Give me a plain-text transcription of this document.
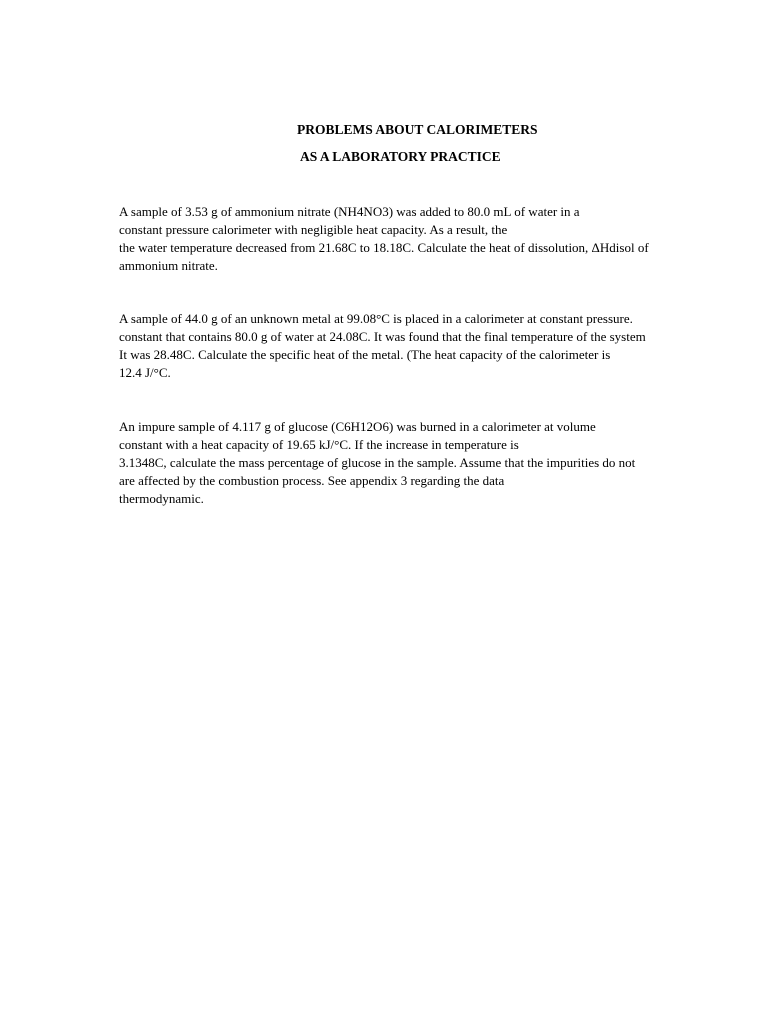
PROBLEMS ABOUT CALORIMETERS
AS A LABORATORY PRACTICE
A sample of 3.53 g of ammonium nitrate (NH4NO3) was added to 80.0 mL of water in a
constant pressure calorimeter with negligible heat capacity. As a result, the
the water temperature decreased from 21.68C to 18.18C. Calculate the heat of dissolution, ΔHdisol of
ammonium nitrate.
A sample of 44.0 g of an unknown metal at 99.08°C is placed in a calorimeter at constant pressure.
constant that contains 80.0 g of water at 24.08C. It was found that the final temperature of the system
It was 28.48C. Calculate the specific heat of the metal. (The heat capacity of the calorimeter is
12.4 J/°C.
An impure sample of 4.117 g of glucose (C6H12O6) was burned in a calorimeter at volume
constant with a heat capacity of 19.65 kJ/°C. If the increase in temperature is
3.1348C, calculate the mass percentage of glucose in the sample. Assume that the impurities do not
are affected by the combustion process. See appendix 3 regarding the data
thermodynamic.
